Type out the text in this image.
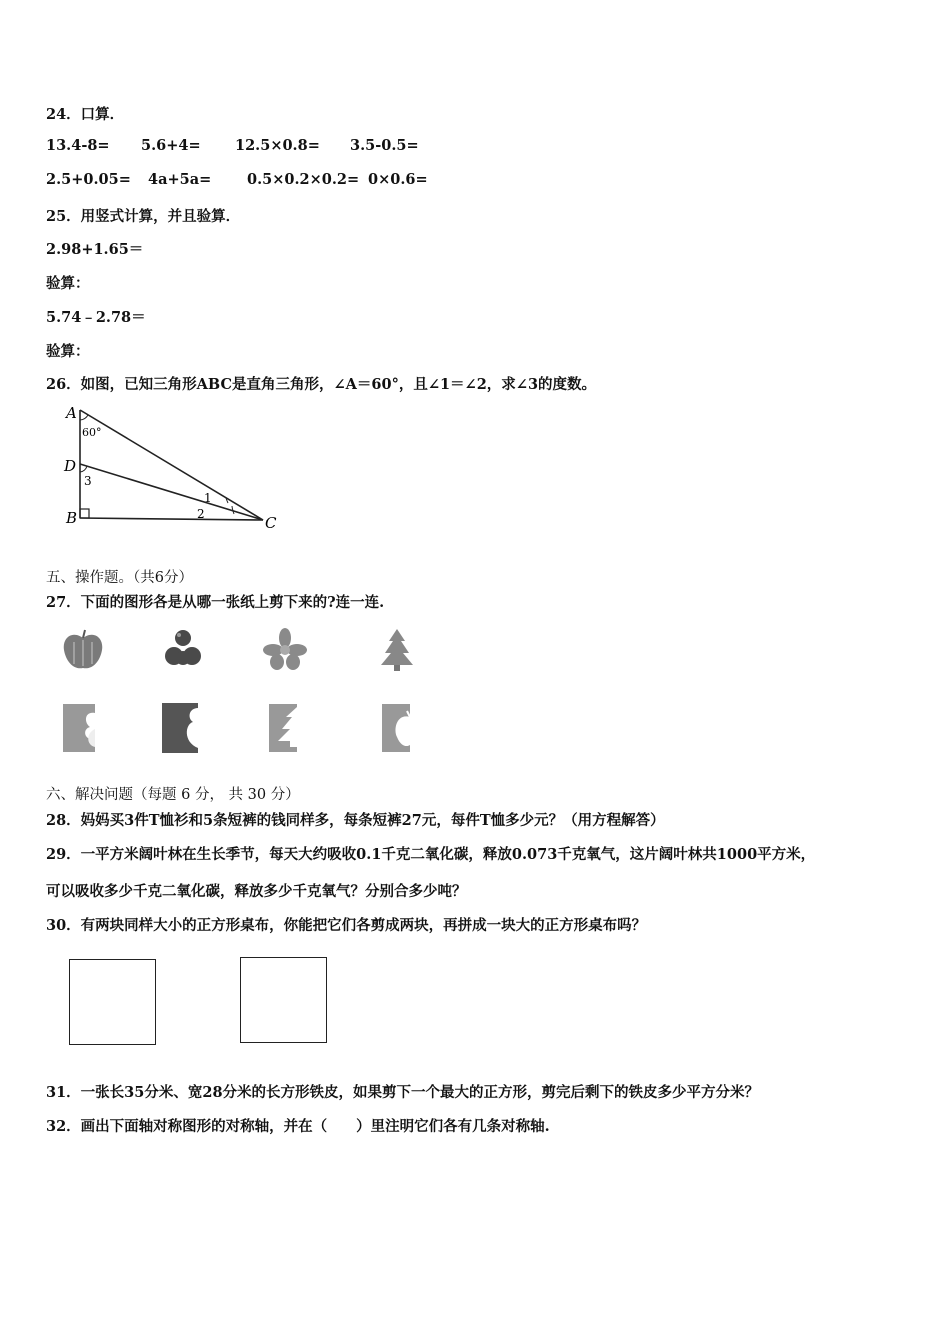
24．口算．
13.4-8= 5.6+4= 12.5×0.8= 3.5-0.5=
2.5+0.05= 4a+5a= 0.5×0.2×0.2= 0×0.6=
25．用竖式计算，并且验算．
2.98+1.65＝
验算：
5.74﹣2.78＝
验算：
26．如图，已知三角形ABC是直角三角形，∠A＝60°，且∠1＝∠2，求∠3的度数。
A
60°
D
3
B
1
2	C
五、操作题。（共6分）
27．下面的图形各是从哪一张纸上剪下来的?连一连.
六、解决问题（每题 6 分， 共 30 分）
28．妈妈买3件T恤衫和5条短裤的钱同样多，每条短裤27元，每件T恤多少元？（用方程解答）
29．一平方米阔叶林在生长季节，每天大约吸收0.1千克二氧化碳，释放0.073千克氧气，这片阔叶林共1000平方米，
可以吸收多少千克二氧化碳，释放多少千克氧气？分别合多少吨？
30．有两块同样大小的正方形桌布，你能把它们各剪成两块，再拼成一块大的正方形桌布吗？
31．一张长35分米、宽28分米的长方形铁皮，如果剪下一个最大的正方形，剪完后剩下的铁皮多少平方分米？
32．画出下面轴对称图形的对称轴，并在（　　）里注明它们各有几条对称轴.
